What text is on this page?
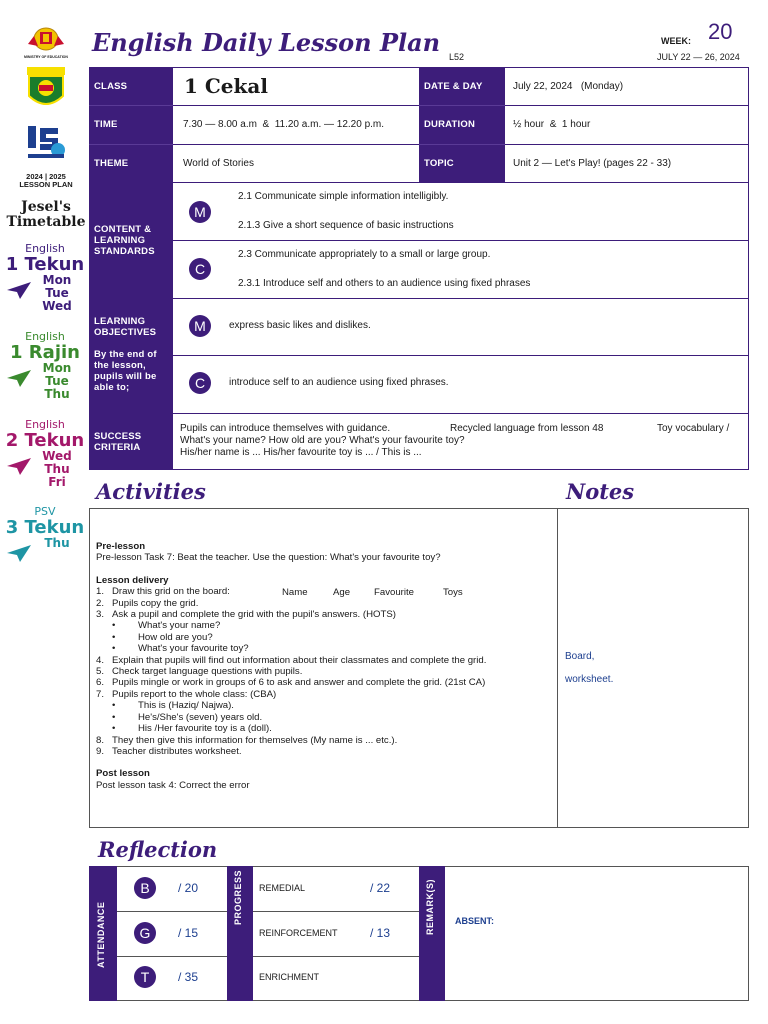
MINISTRY OF EDUCATION
2024 | 2025
LESSON PLAN
Jesel's Timetable
English
1 Tekun
Mon
Tue
Wed
English
1 Rajin
Mon
Tue
Thu
English
2 Tekun
Wed
Thu
Fri
PSV
3 Tekun
Thu
English Daily Lesson Plan L52
WEEK: 20
JULY 22 — 26, 2024
CLASS	1 Cekal	DATE & DAY	July 22, 2024   (Monday)
TIME	7.30 — 8.00 a.m  &  11.20 a.m. — 12.20 p.m.	DURATION	½ hour  &  1 hour
THEME	World of Stories	TOPIC	Unit 2 — Let's Play! (pages 22 - 33)
CONTENT & LEARNING STANDARDS
M
2.1 Communicate simple information intelligibly.
2.1.3 Give a short sequence of basic instructions
C
2.3 Communicate appropriately to a small or large group.
2.3.1 Introduce self and others to an audience using fixed phrases
LEARNING OBJECTIVES
By the end of the lesson, pupils will be able to;
M	express basic likes and dislikes.
C	introduce self to an audience using fixed phrases.
SUCCESS CRITERIA
Pupils can introduce themselves with guidance.	Recycled language from lesson 48	Toy vocabulary /
What's your name? How old are you? What's your favourite toy?
His/her name is ... His/her favourite toy is ... / This is ...
Activities	Notes
Pre-lesson
Pre-lesson Task 7: Beat the teacher. Use the question: What's your favourite toy?
Lesson delivery
1. Draw this grid on the board:
2. Pupils copy the grid.
3. Ask a pupil and complete the grid with the pupil's answers. (HOTS)
•	What's your name?
•	How old are you?
•	What's your favourite toy?
4. Explain that pupils will find out information about their classmates and complete the grid.
5. Check target language questions with pupils.
6. Pupils mingle or work in groups of 6 to ask and answer and complete the grid. (21st CA)
7. Pupils report to the whole class: (CBA)
•	This is (Haziq/ Najwa).
•	He's/She's (seven) years old.
•	His /Her favourite toy is a (doll).
8. They then give this information for themselves (My name is ... etc.).
9. Teacher distributes worksheet.
Post lesson
Post lesson task 4: Correct the error
Name	Age Favourite	Toys
Board,
worksheet.
Reflection
ATTENDANCE
B	/ 20
G	/ 15
T	/ 35
PROGRESS REMEDIAL	/ 22
REINFORCEMENT	/ 13
ENRICHMENT
REMARK(S) ABSENT:
